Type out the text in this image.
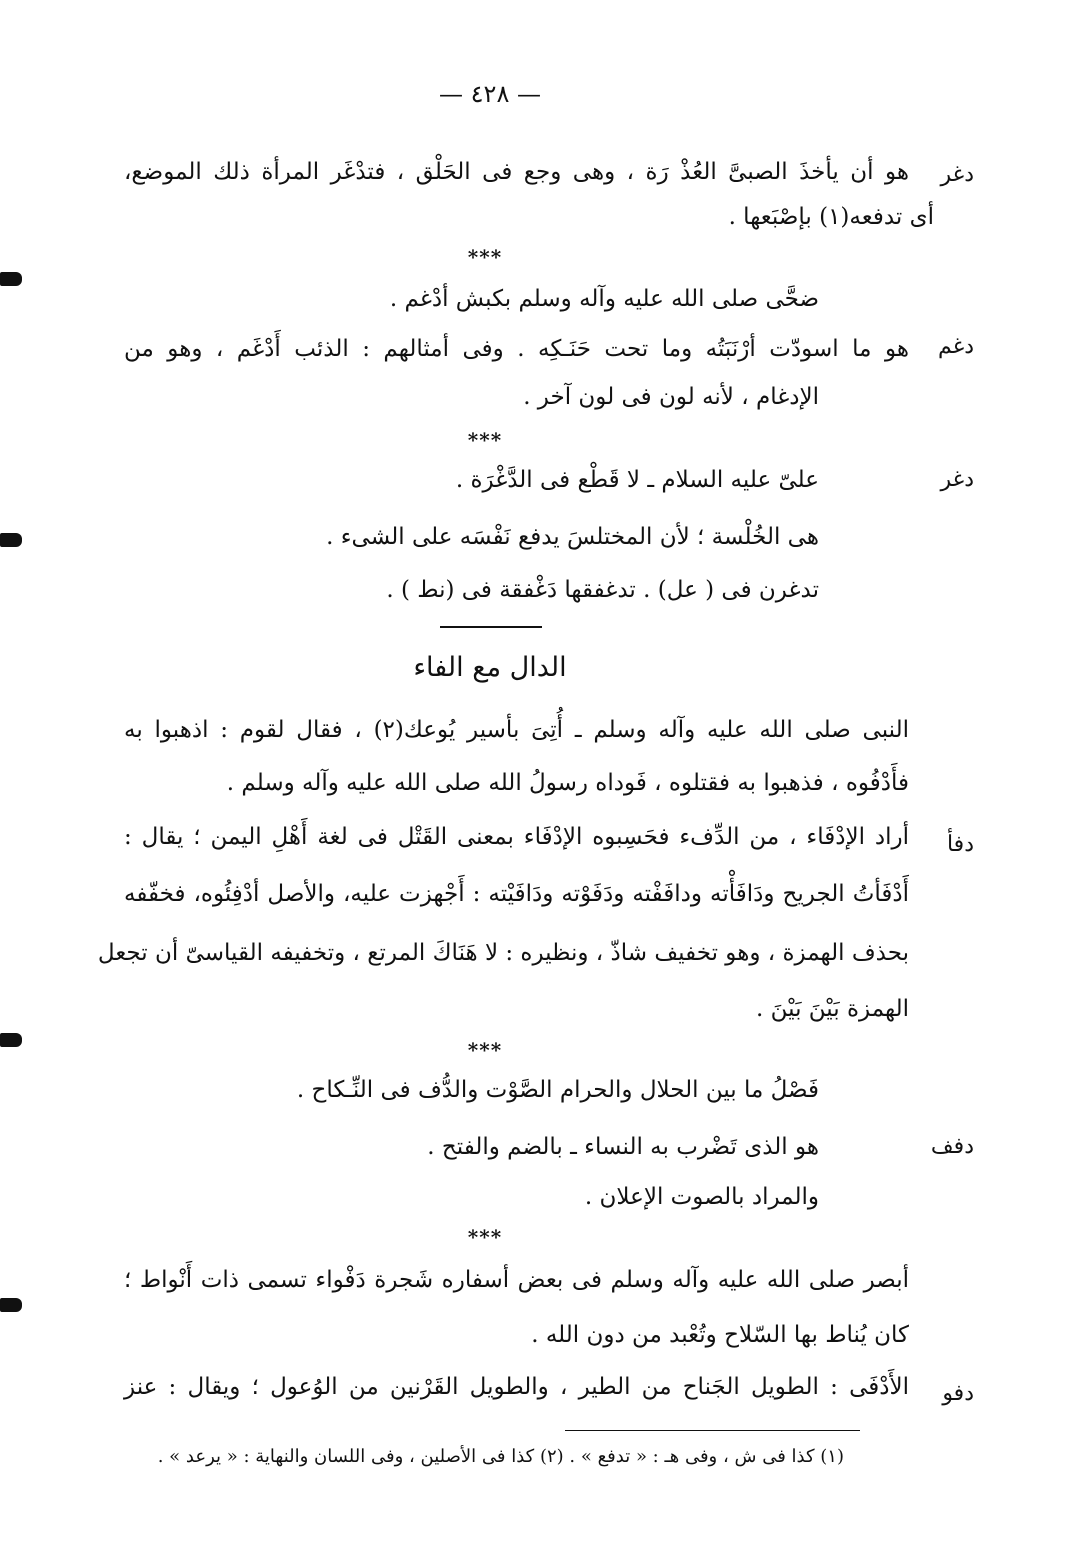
— ٤٢٨ —
دغر
هو أن يأخذَ الصبىَّ العُذْ رَة ، وهى وجع فى الحَلْق ، فتدْغَر المرأة ذلك الموضع،
أى تدفعه(١) بإصْبَعها .
***
ضحَّى صلى الله عليه وآله وسلم بكبش أدْغم .
دغم
هو ما اسودّت أرْنَبَتُه وما تحت حَنَـكِه . وفى أمثالهم : الذئب أَدْغَم ، وهو من
الإدغام ، لأنه لون فى لون آخر .
***
دغر
علىّ عليه السلام ـ لا قَطْع فى الدَّغْرَة .
هى الخُلْسة ؛ لأن المختلسَ يدفع نَفْسَه على الشىء .
تدغرن فى ( عل) . تدغفقها دَغْفقة فى (نط ) .
الدال مع الفاء
النبى صلى الله عليه وآله وسلم ـ أُتِىَ بأسير يُوعك(٢) ، فقال لقوم : اذهبوا به
فأَدْفُوه ، فذهبوا به فقتلوه ، فَوداه رسولُ الله صلى الله عليه وآله وسلم .
دفأ
أراد الإدْفَاء ، من الدِّفء فحَسِبوه الإدْفَاء بمعنى القَتْل فى لغة أَهْلِ اليمن ؛ يقال :
أَدْفَأتُ الجريح ودَافَأْته ودافَفْته ودَفَوْته ودَافَيْته : أَجْهزت عليه، والأصل أدْفِئُوه، فخفّفه
بحذف الهمزة ، وهو تخفيف شاذّ ، ونظيره : لا هَنَاكَ المرتع ، وتخفيفه القياسىّ أن تجعل
الهمزة بَيْنَ بَيْنَ .
***
فَصْلُ ما بين الحلال والحرام الصَّوْت والدُّف فى النِّـكاح .
دفف
هو الذى تَضْرب به النساء ـ بالضم والفتح .
والمراد بالصوت الإعلان .
***
أبصر صلى الله عليه وآله وسلم فى بعض أسفاره شَجرة دَفْواء تسمى ذات أَنْواط ؛
كان يُناط بها السّلاح وتُعْبد من دون الله .
دفو
الأَدْفَى : الطويل الجَناح من الطير ، والطويل القَرْنين من الوُعول ؛ ويقال : عنز
(١) كذا فى ش ، وفى هـ : « تدفع » . (٢) كذا فى الأصلين ، وفى اللسان والنهاية : « يرعد » .
